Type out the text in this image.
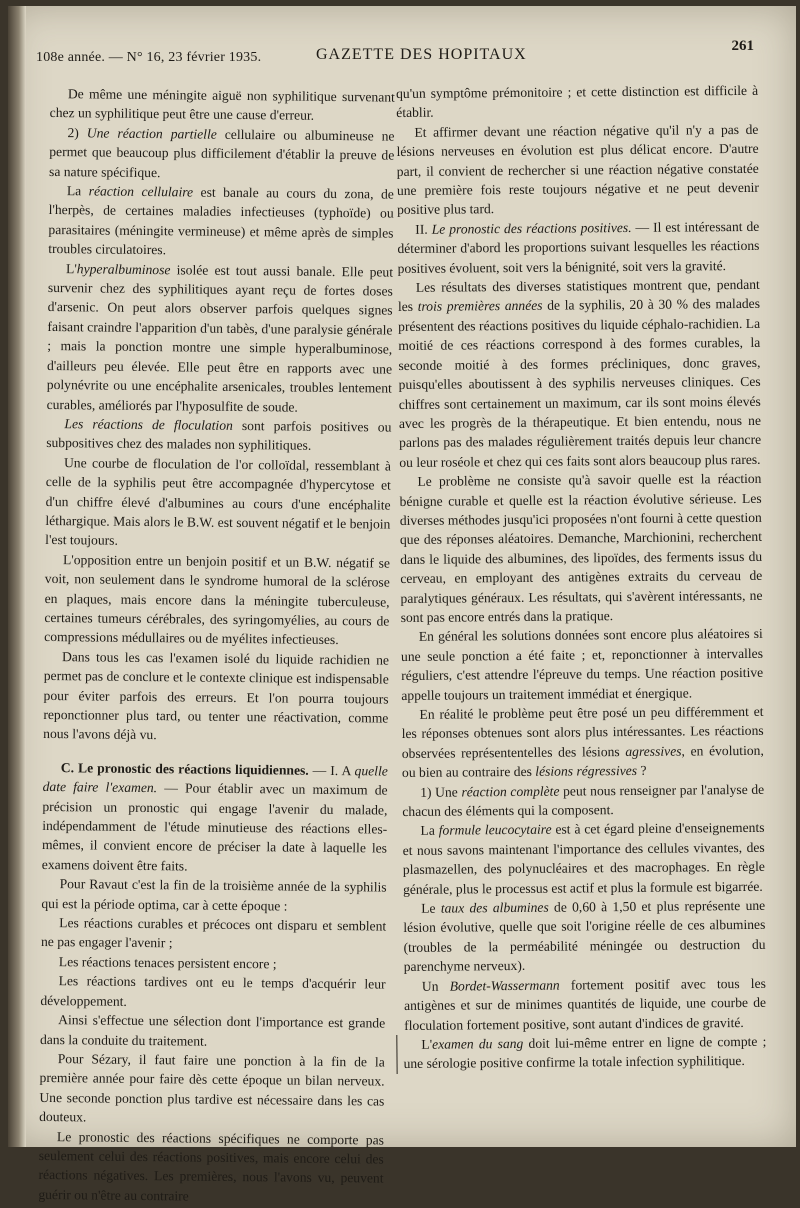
108e année. — N° 16, 23 février 1935.	GAZETTE DES HOPITAUX	261

De même une méningite aiguë non syphilitique survenant chez un syphilitique peut être une cause d'erreur.

2) Une réaction partielle cellulaire ou albumineuse ne permet que beaucoup plus difficilement d'établir la preuve de sa nature spécifique.

La réaction cellulaire est banale au cours du zona, de l'herpès, de certaines maladies infectieuses (typhoïde) ou parasitaires (méningite vermineuse) et même après de simples troubles circulatoires.

L'hyperalbuminose isolée est tout aussi banale. Elle peut survenir chez des syphilitiques ayant reçu de fortes doses d'arsenic. On peut alors observer parfois quelques signes faisant craindre l'apparition d'un tabès, d'une paralysie générale ; mais la ponction montre une simple hyperalbuminose, d'ailleurs peu élevée. Elle peut être en rapports avec une polynévrite ou une encéphalite arsenicales, troubles lentement curables, améliorés par l'hyposulfite de soude.

Les réactions de floculation sont parfois positives ou subpositives chez des malades non syphilitiques.

Une courbe de floculation de l'or colloïdal, ressemblant à celle de la syphilis peut être accompagnée d'hypercytose et d'un chiffre élevé d'albumines au cours d'une encéphalite léthargique. Mais alors le B.W. est souvent négatif et le benjoin l'est toujours.

L'opposition entre un benjoin positif et un B.W. négatif se voit, non seulement dans le syndrome humoral de la sclérose en plaques, mais encore dans la méningite tuberculeuse, certaines tumeurs cérébrales, des syringomyélies, au cours de compressions médullaires ou de myélites infectieuses.

Dans tous les cas l'examen isolé du liquide rachidien ne permet pas de conclure et le contexte clinique est indispensable pour éviter parfois des erreurs. Et l'on pourra toujours reponctionner plus tard, ou tenter une réactivation, comme nous l'avons déjà vu.

C. Le pronostic des réactions liquidiennes. — I. A quelle date faire l'examen. — Pour établir avec un maximum de précision un pronostic qui engage l'avenir du malade, indépendamment de l'étude minutieuse des réactions elles-mêmes, il convient encore de préciser la date à laquelle les examens doivent être faits.

Pour Ravaut c'est la fin de la troisième année de la syphilis qui est la période optima, car à cette époque :

Les réactions curables et précoces ont disparu et semblent ne pas engager l'avenir ;

Les réactions tenaces persistent encore ;

Les réactions tardives ont eu le temps d'acquérir leur développement.

Ainsi s'effectue une sélection dont l'importance est grande dans la conduite du traitement.

Pour Sézary, il faut faire une ponction à la fin de la première année pour faire dès cette époque un bilan nerveux. Une seconde ponction plus tardive est nécessaire dans les cas douteux.

Le pronostic des réactions spécifiques ne comporte pas seulement celui des réactions positives, mais encore celui des réactions négatives. Les premières, nous l'avons vu, peuvent guérir ou n'être au contraire

qu'un symptôme prémonitoire ; et cette distinction est difficile à établir.

Et affirmer devant une réaction négative qu'il n'y a pas de lésions nerveuses en évolution est plus délicat encore. D'autre part, il convient de rechercher si une réaction négative constatée une première fois reste toujours négative et ne peut devenir positive plus tard.

II. Le pronostic des réactions positives. — Il est intéressant de déterminer d'abord les proportions suivant lesquelles les réactions positives évoluent, soit vers la bénignité, soit vers la gravité.

Les résultats des diverses statistiques montrent que, pendant les trois premières années de la syphilis, 20 à 30 % des malades présentent des réactions positives du liquide céphalo-rachidien. La moitié de ces réactions correspond à des formes curables, la seconde moitié à des formes précliniques, donc graves, puisqu'elles aboutissent à des syphilis nerveuses cliniques. Ces chiffres sont certainement un maximum, car ils sont moins élevés avec les progrès de la thérapeutique. Et bien entendu, nous ne parlons pas des malades régulièrement traités depuis leur chancre ou leur roséole et chez qui ces faits sont alors beaucoup plus rares.

Le problème ne consiste qu'à savoir quelle est la réaction bénigne curable et quelle est la réaction évolutive sérieuse. Les diverses méthodes jusqu'ici proposées n'ont fourni à cette question que des réponses aléatoires. Demanche, Marchionini, recherchent dans le liquide des albumines, des lipoïdes, des ferments issus du cerveau, en employant des antigènes extraits du cerveau de paralytiques généraux. Les résultats, qui s'avèrent intéressants, ne sont pas encore entrés dans la pratique.

En général les solutions données sont encore plus aléatoires si une seule ponction a été faite ; et, reponctionner à intervalles réguliers, c'est attendre l'épreuve du temps. Une réaction positive appelle toujours un traitement immédiat et énergique.

En réalité le problème peut être posé un peu différemment et les réponses obtenues sont alors plus intéressantes. Les réactions observées représententelles des lésions agressives, en évolution, ou bien au contraire des lésions régressives ?

1) Une réaction complète peut nous renseigner par l'analyse de chacun des éléments qui la composent.

La formule leucocytaire est à cet égard pleine d'enseignements et nous savons maintenant l'importance des cellules vivantes, des plasmazellen, des polynucléaires et des macrophages. En règle générale, plus le processus est actif et plus la formule est bigarrée.

Le taux des albumines de 0,60 à 1,50 et plus représente une lésion évolutive, quelle que soit l'origine réelle de ces albumines (troubles de la perméabilité méningée ou destruction du parenchyme nerveux).

Un Bordet-Wassermann fortement positif avec tous les antigènes et sur de minimes quantités de liquide, une courbe de floculation fortement positive, sont autant d'indices de gravité.

L'examen du sang doit lui-même entrer en ligne de compte ; une sérologie positive confirme la totale infection syphilitique.
